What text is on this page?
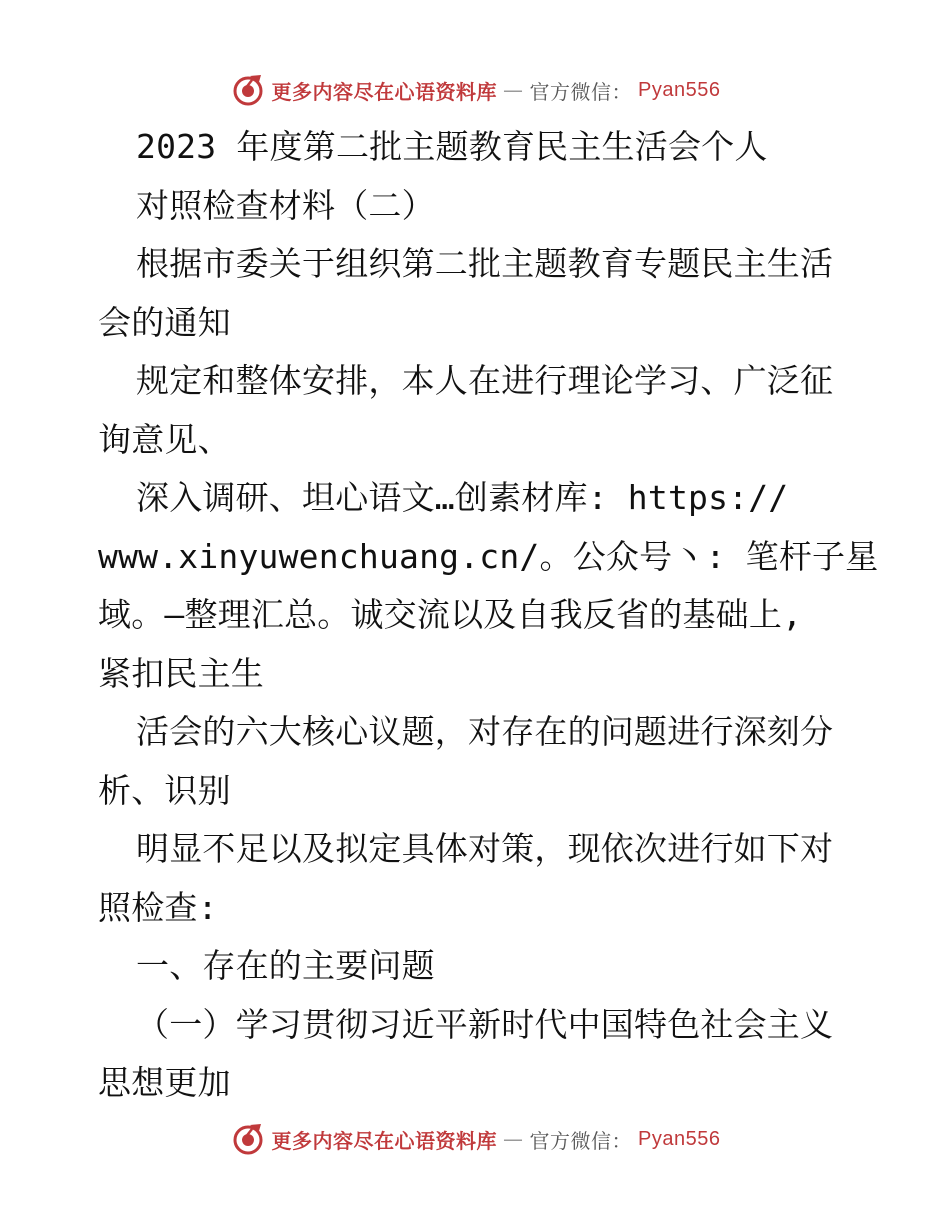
更多内容尽在心语资料库 — 官方微信： Pyan556
2023 年度第二批主题教育民主生活会个人
对照检查材料（二）
根据市委关于组织第二批主题教育专题民主生活
会的通知
规定和整体安排，本人在进行理论学习、广泛征
询意见、
深入调研、坦心语文…创素材库: https://
www.xinyuwenchuang.cn/。公众号丶: 笔杆子星
域。—整理汇总。诚交流以及自我反省的基础上,
紧扣民主生
活会的六大核心议题，对存在的问题进行深刻分
析、识别
明显不足以及拟定具体对策，现依次进行如下对
照检查:
一、存在的主要问题
（一）学习贯彻习近平新时代中国特色社会主义
思想更加
更多内容尽在心语资料库 — 官方微信： Pyan556
